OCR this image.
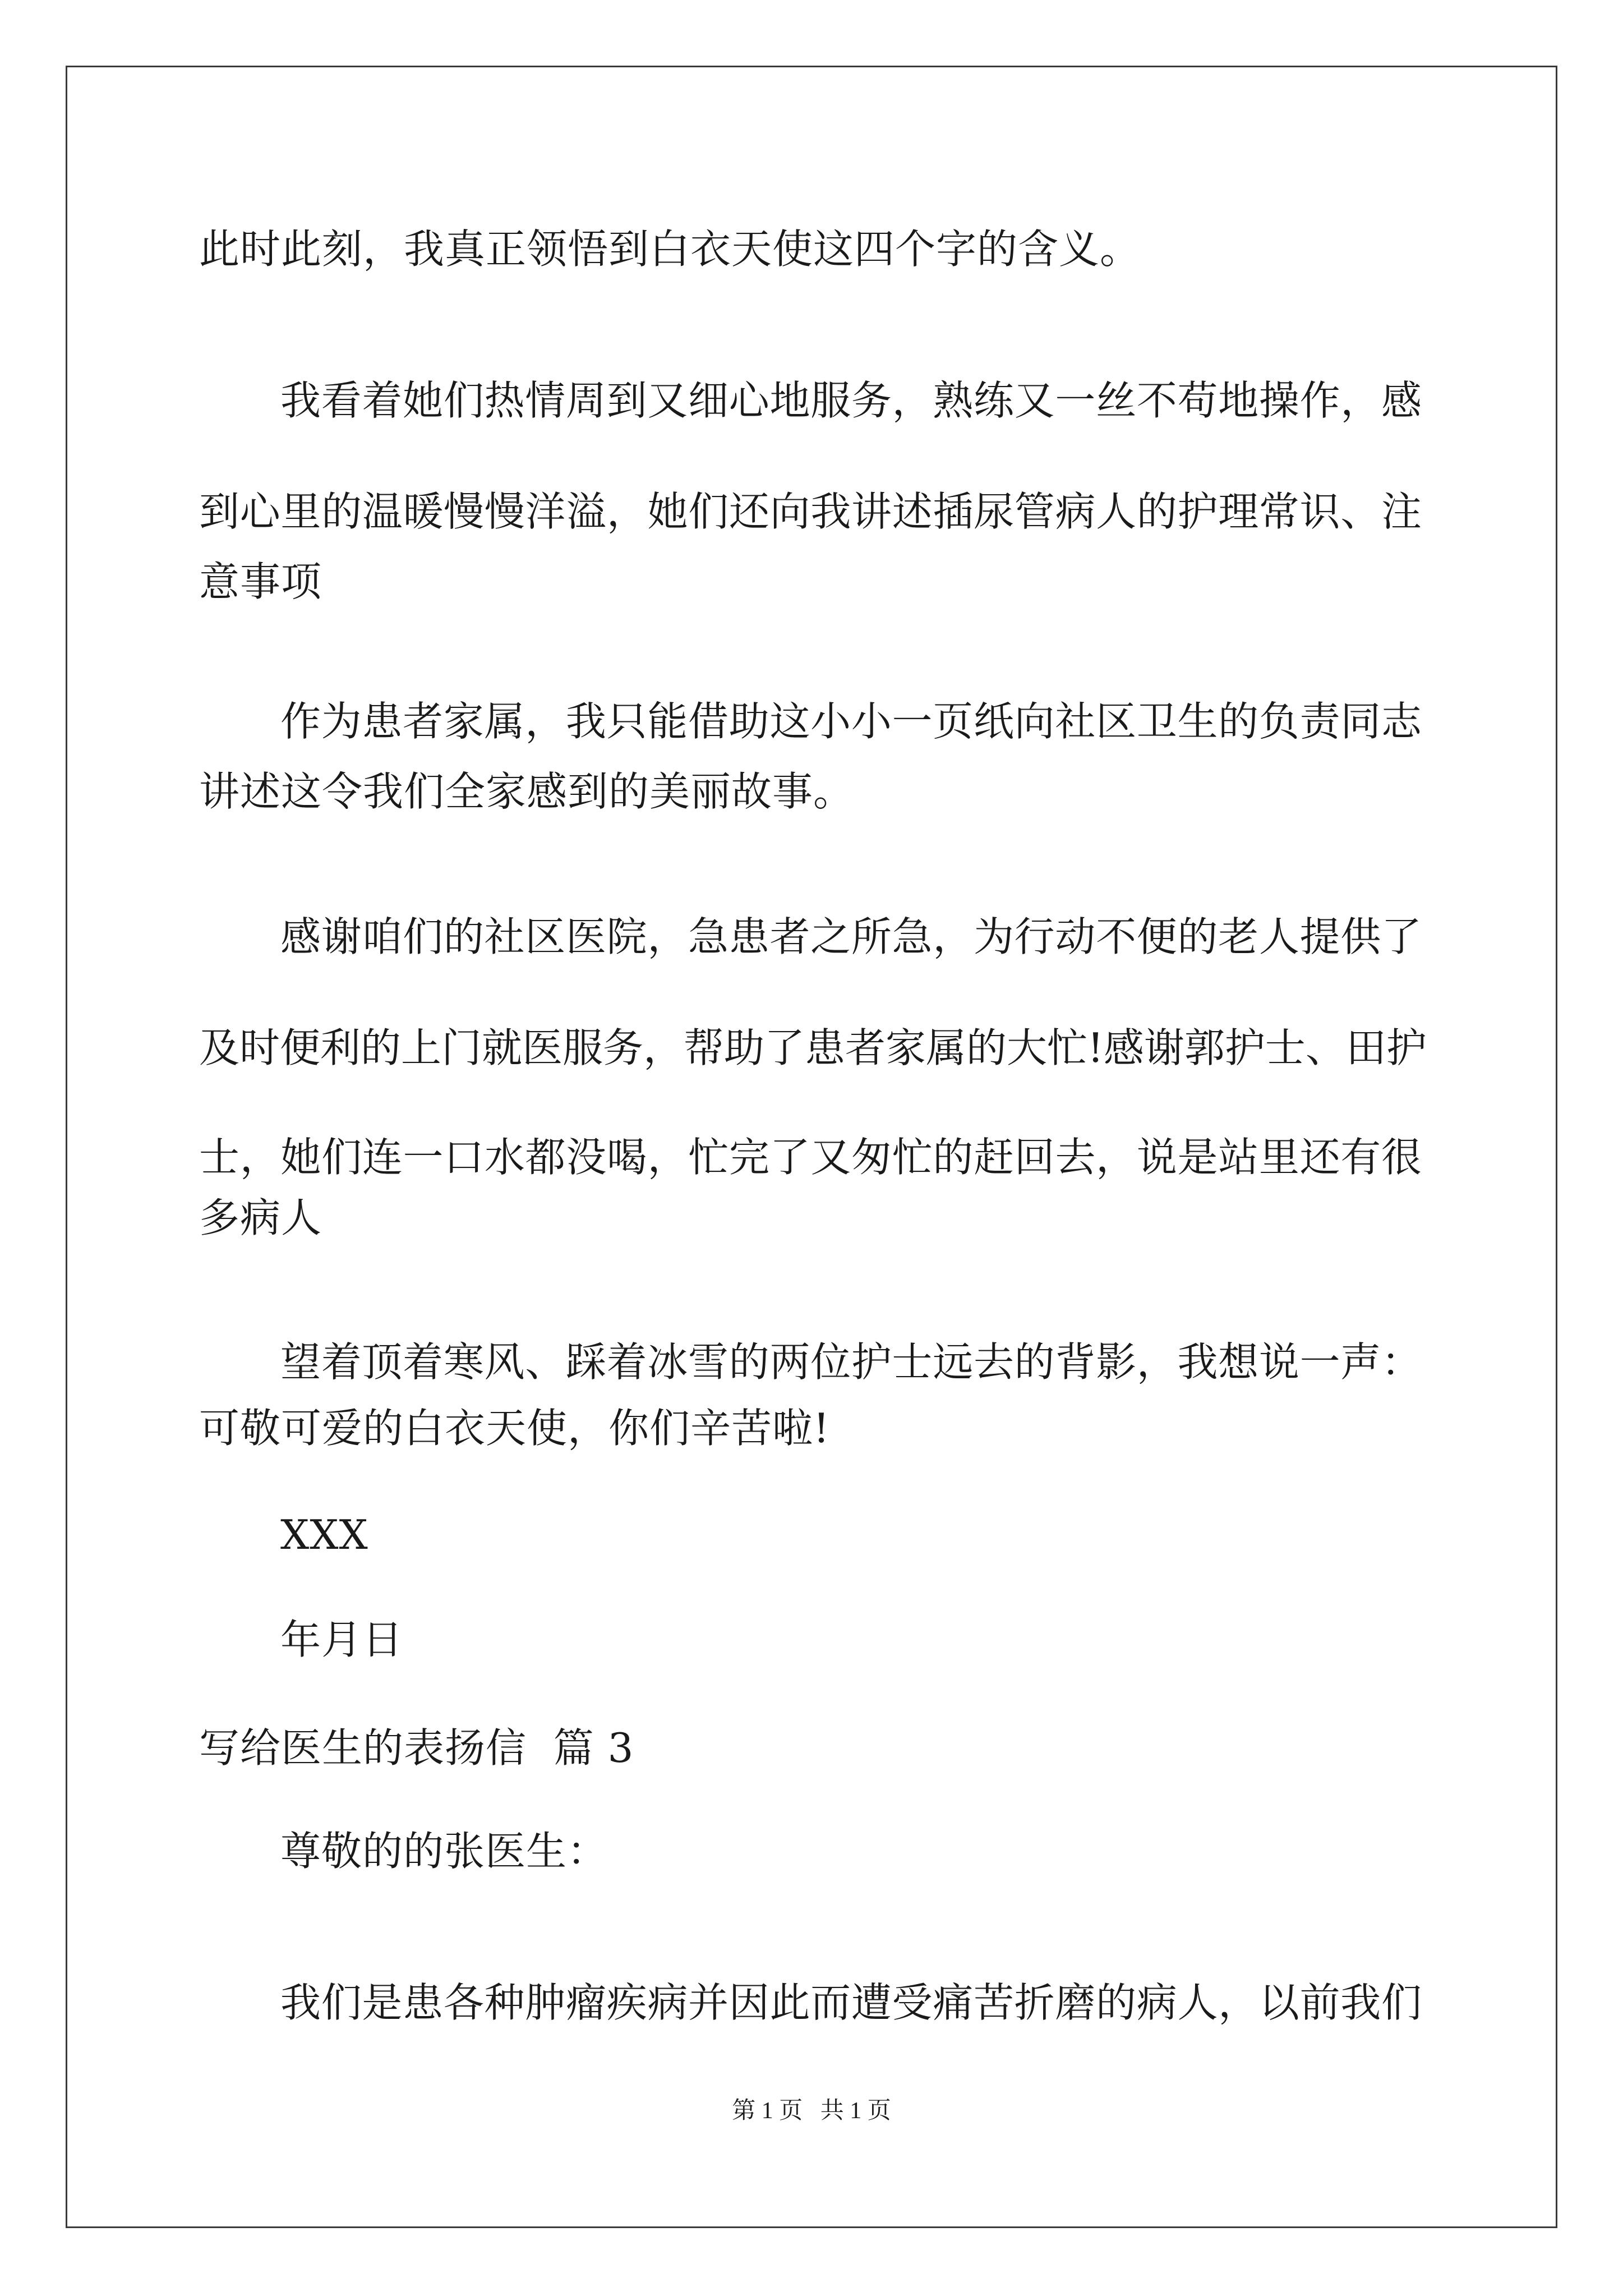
此时此刻，我真正领悟到白衣天使这四个字的含义。

我看着她们热情周到又细心地服务，熟练又一丝不苟地操作，感

到心里的温暖慢慢洋溢，她们还向我讲述插尿管病人的护理常识、注

意事项

作为患者家属，我只能借助这小小一页纸向社区卫生的负责同志

讲述这令我们全家感到的美丽故事。

感谢咱们的社区医院，急患者之所急，为行动不便的老人提供了

及时便利的上门就医服务，帮助了患者家属的大忙!感谢郭护士、田护

士，她们连一口水都没喝，忙完了又匆忙的赶回去，说是站里还有很

多病人

望着顶着寒风、踩着冰雪的两位护士远去的背影，我想说一声：

可敬可爱的白衣天使，你们辛苦啦!

XXX

年月日

写给医生的表扬信  篇 3

尊敬的的张医生：

我们是患各种肿瘤疾病并因此而遭受痛苦折磨的病人，以前我们

第 1 页   共 1 页
